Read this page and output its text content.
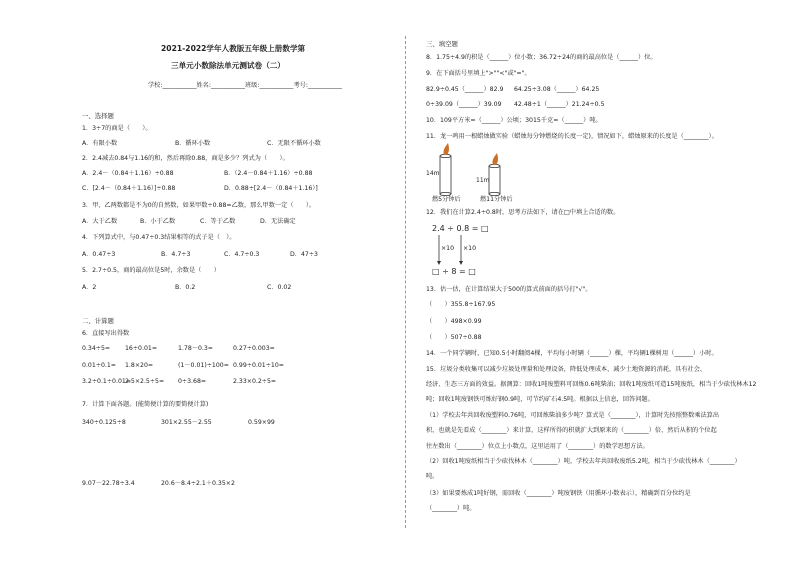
2021-2022学年人教版五年级上册数学第
三单元小数除法单元测试卷（二）
学校:___________姓名:___________班级:___________考号:___________
一、选择题
1．3÷7的商是（　　）。
A．有限小数	B．循环小数	C．无限不循环小数
2．2.4减去0.84与1.16的和，然后再除0.88，商是多少？列式为（　　）。
A．2.4－（0.84＋1.16）÷0.88	B．（2.4－0.84＋1.16）÷0.88
C．[2.4－（0.84＋1.16）]÷0.88	D．0.88÷[2.4－（0.84＋1.16）]
3．甲、乙两数都是不为0的自然数，如果甲数÷0.88=乙数，那么甲数一定（　　）。
A．大于乙数	B．小于乙数	C．等于乙数	D．无法确定
4．下列算式中，与0.47÷0.3结果相等的式子是（　）。
A．0.47÷3	B．4.7÷3	C．4.7÷0.3	D．47÷3
5．2.7÷0.5，商的最高位是5时，余数是（　　）
A．2	B．0.2	C．0.02
二、计算题
6．直接写出得数
0.34÷5= 16÷0.01=	1.78－0.3=	0.27÷0.003=
0.01÷0.1= 1.8×20=	(1－0.01)÷100= 0.99÷0.01÷10=
3.2÷0.1÷0.01=
2.5×2.5÷5= 0÷3.68=	2.33×0.2÷5=
7．计算下面各题。(能简便计算的要简便计算)
340÷0.125÷8	301×2.55－2.55	0.59×99
9.07－22.78÷3.4	20.6－8.4÷2.1＋0.35×2
三、填空题
8．1.75÷4.9的积是（______）位小数；36.72÷24的商的最高位是（______）位。
9．在下面括号里填上">""<"或"="。
82.9÷0.45（______）82.9 64.25÷3.08（______）64.25
0÷39.09（______）39.09 42.48÷1（______）21.24÷0.5
10．109平方米=（______）公顷；3015千克=（______）吨。
11．龙一鸣用一根蜡烛做实验（蜡烛每分钟燃烧的长度一定)，情况如下，蜡烛原来的长度是（________）。
14m
11m
燃5分钟后	燃11分钟后
12．我们在计算2.4÷0.8时，思考方法如下，请在□中填上合适的数。
2.4 ÷ 0.8 = □
×10 ×10
□ ÷ 8 = □
13．估一估，在计算结果大于500的算式前面的括号打"√"。
（　　）355.8÷167.95
（　　）498×0.99
（　　）507÷0.88
14．一个同学辆时，已知0.5小时翻阅4棵，平均每小时辆（______）棵，平均辆1棵树用（______）小时。
15．垃圾分类收集可以减少垃圾处理量和处理设备，降低处理成本，减少土地资源的消耗，具有社会、
经济、生态三方面的效益。据测算：回收1吨废塑料可回炼0.6吨柴油；回收1吨废纸可造15吨废纸，相当于少砍伐林木12
吨；回收1吨废钢铁可炼好钢0.9吨，可节约矿石4.5吨。根据以上信息，回答问题。
（1）学校去年共回收废塑料0.76吨，可回炼柴油多少吨？算式是（________），计算时先按照整数乘法算出
积，也就是先看成（________）来计算，这样所得的积就扩大到原来的（________）倍，然后从积的个位起
往左数出（________）位点上小数点，这里运用了（________）的数学思想方法。
（2）回收1吨废纸相当于少砍伐林木（________）吨，学校去年共回收废纸5.2吨，相当于少砍伐林木（________）
吨。
（3）如果要炼成1吨好钢，需回收（________）吨废钢铁（用循环小数表示），精确到百分位约是
（________）吨。
